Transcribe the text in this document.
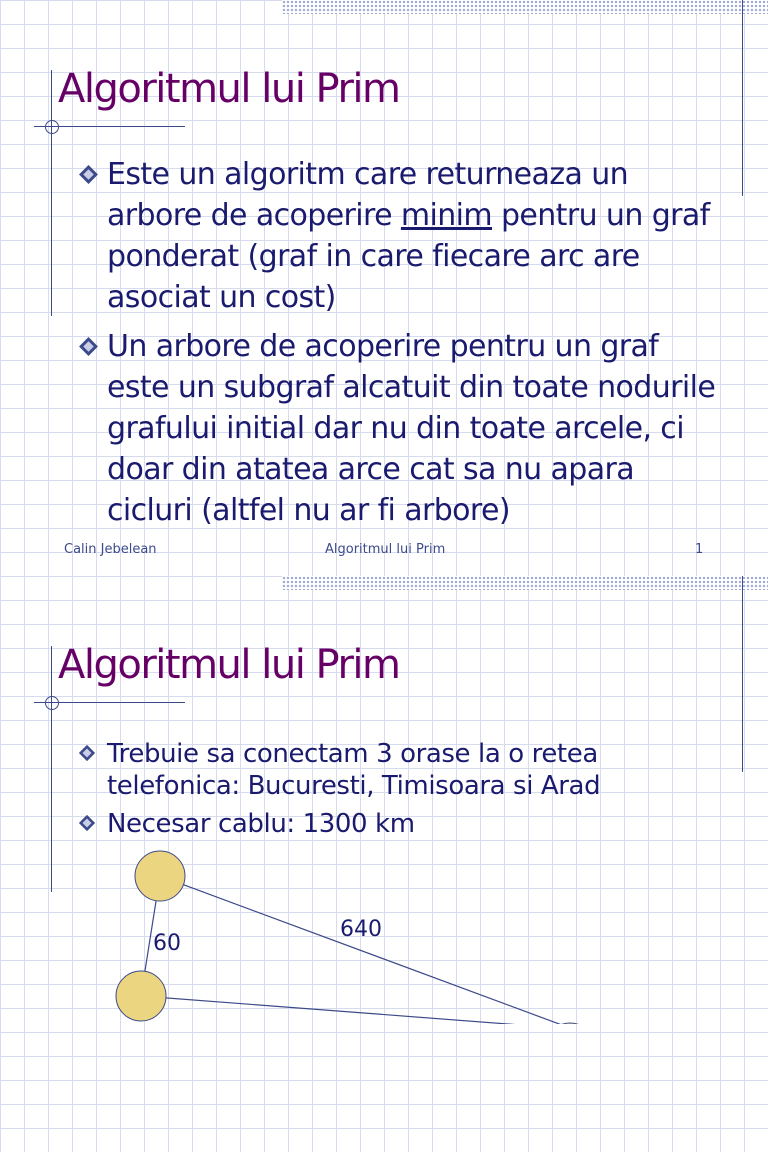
Algoritmul lui Prim
Este un algoritm care returneaza un arbore de acoperire minim pentru un graf ponderat (graf in care fiecare arc are asociat un cost)
Un arbore de acoperire pentru un graf este un subgraf alcatuit din toate nodurile grafului initial dar nu din toate arcele, ci doar din atatea arce cat sa nu apara cicluri (altfel nu ar fi arbore)
Calin Jebelean	Algoritmul lui Prim	1
Algoritmul lui Prim
Trebuie sa conectam 3 orase la o retea telefonica: Bucuresti, Timisoara si Arad
Necesar cablu: 1300 km
60
640
